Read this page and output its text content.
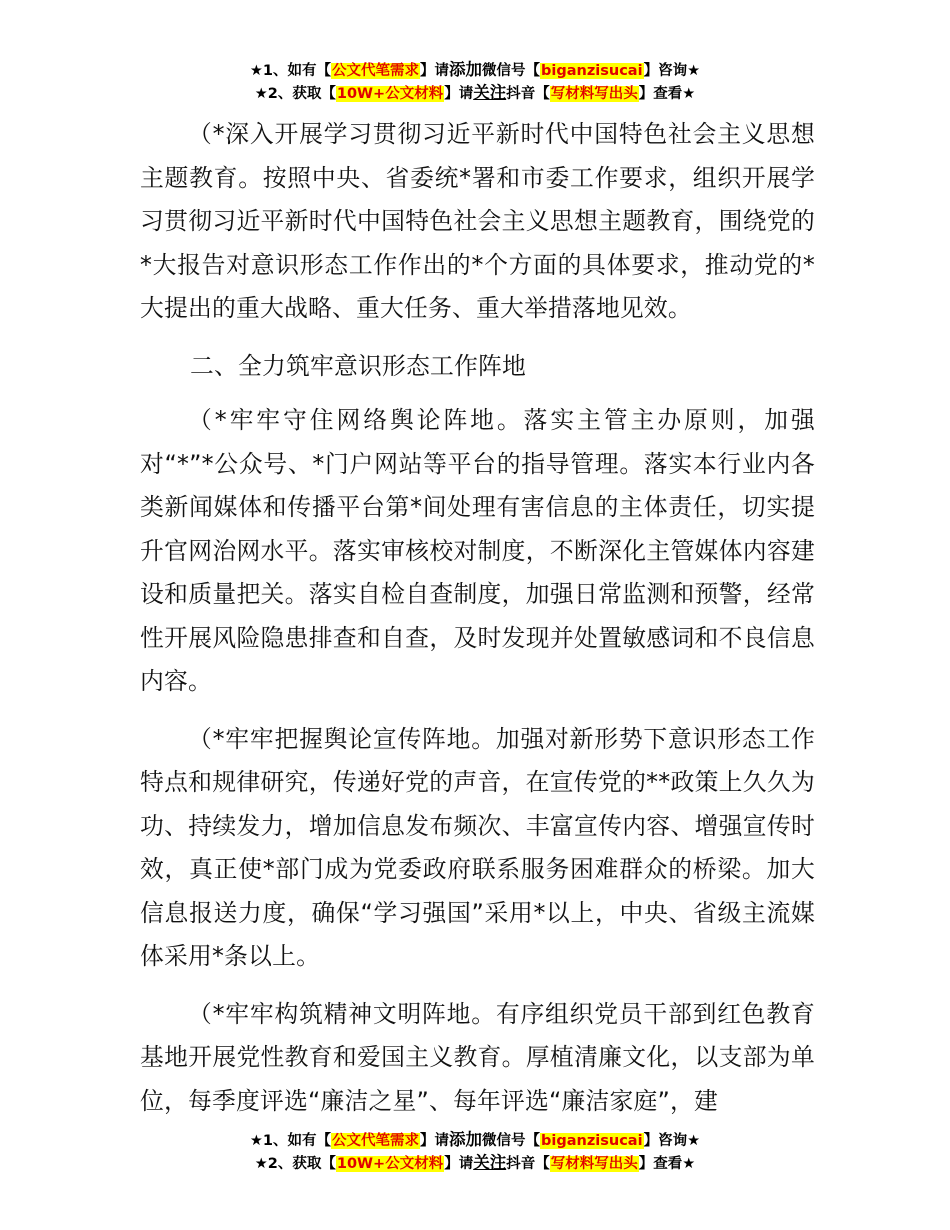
★1、如有【公文代笔需求】请添加微信号【biganzisucai】咨询★
★2、获取【10W+公文材料】请关注抖音【写材料写出头】查看★

（*深入开展学习贯彻习近平新时代中国特色社会主义思想主题教育。按照中央、省委统*署和市委工作要求，组织开展学习贯彻习近平新时代中国特色社会主义思想主题教育，围绕党的*大报告对意识形态工作作出的*个方面的具体要求，推动党的*大提出的重大战略、重大任务、重大举措落地见效。

二、全力筑牢意识形态工作阵地

（*牢牢守住网络舆论阵地。落实主管主办原则，加强对“*”*公众号、*门户网站等平台的指导管理。落实本行业内各类新闻媒体和传播平台第*间处理有害信息的主体责任，切实提升官网治网水平。落实审核校对制度，不断深化主管媒体内容建设和质量把关。落实自检自查制度，加强日常监测和预警，经常性开展风险隐患排查和自查，及时发现并处置敏感词和不良信息内容。

（*牢牢把握舆论宣传阵地。加强对新形势下意识形态工作特点和规律研究，传递好党的声音，在宣传党的**政策上久久为功、持续发力，增加信息发布频次、丰富宣传内容、增强宣传时效，真正使*部门成为党委政府联系服务困难群众的桥梁。加大信息报送力度，确保“学习强国”采用*以上，中央、省级主流媒体采用*条以上。

（*牢牢构筑精神文明阵地。有序组织党员干部到红色教育基地开展党性教育和爱国主义教育。厚植清廉文化，以支部为单位，每季度评选“廉洁之星”、每年评选“廉洁家庭”，建

★1、如有【公文代笔需求】请添加微信号【biganzisucai】咨询★
★2、获取【10W+公文材料】请关注抖音【写材料写出头】查看★
